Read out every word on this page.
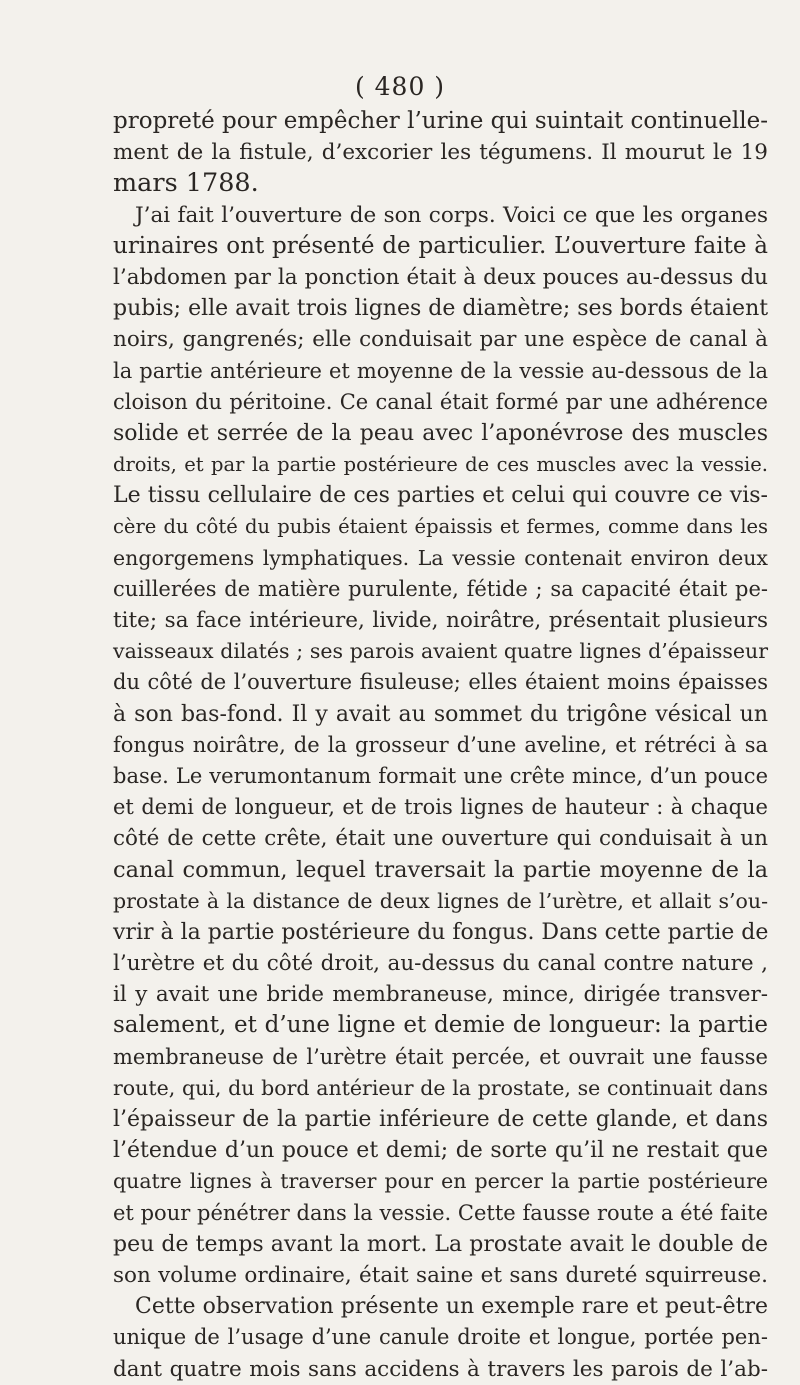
( 480 )
propreté pour empêcher l’urine qui suintait continuelle-
ment de la fistule, d’excorier les tégumens. Il mourut le 19
mars 1788.
J’ai fait l’ouverture de son corps. Voici ce que les organes
urinaires ont présenté de particulier. L’ouverture faite à
l’abdomen par la ponction était à deux pouces au-dessus du
pubis; elle avait trois lignes de diamètre; ses bords étaient
noirs, gangrenés; elle conduisait par une espèce de canal à
la partie antérieure et moyenne de la vessie au-dessous de la
cloison du péritoine. Ce canal était formé par une adhérence
solide et serrée de la peau avec l’aponévrose des muscles
droits, et par la partie postérieure de ces muscles avec la vessie.
Le tissu cellulaire de ces parties et celui qui couvre ce vis-
cère du côté du pubis étaient épaissis et fermes, comme dans les
engorgemens lymphatiques. La vessie contenait environ deux
cuillerées de matière purulente, fétide ; sa capacité était pe-
tite; sa face intérieure, livide, noirâtre, présentait plusieurs
vaisseaux dilatés ; ses parois avaient quatre lignes d’épaisseur
du côté de l’ouverture fisuleuse; elles étaient moins épaisses
à son bas-fond. Il y avait au sommet du trigône vésical un
fongus noirâtre, de la grosseur d’une aveline, et rétréci à sa
base. Le verumontanum formait une crête mince, d’un pouce
et demi de longueur, et de trois lignes de hauteur : à chaque
côté de cette crête, était une ouverture qui conduisait à un
canal commun, lequel traversait la partie moyenne de la
prostate à la distance de deux lignes de l’urètre, et allait s’ou-
vrir à la partie postérieure du fongus. Dans cette partie de
l’urètre et du côté droit, au-dessus du canal contre nature ,
il y avait une bride membraneuse, mince, dirigée transver-
salement, et d’une ligne et demie de longueur: la partie
membraneuse de l’urètre était percée, et ouvrait une fausse
route, qui, du bord antérieur de la prostate, se continuait dans
l’épaisseur de la partie inférieure de cette glande, et dans
l’étendue d’un pouce et demi; de sorte qu’il ne restait que
quatre lignes à traverser pour en percer la partie postérieure
et pour pénétrer dans la vessie. Cette fausse route a été faite
peu de temps avant la mort. La prostate avait le double de
son volume ordinaire, était saine et sans dureté squirreuse.
Cette observation présente un exemple rare et peut-être
unique de l’usage d’une canule droite et longue, portée pen-
dant quatre mois sans accidens à travers les parois de l’ab-
